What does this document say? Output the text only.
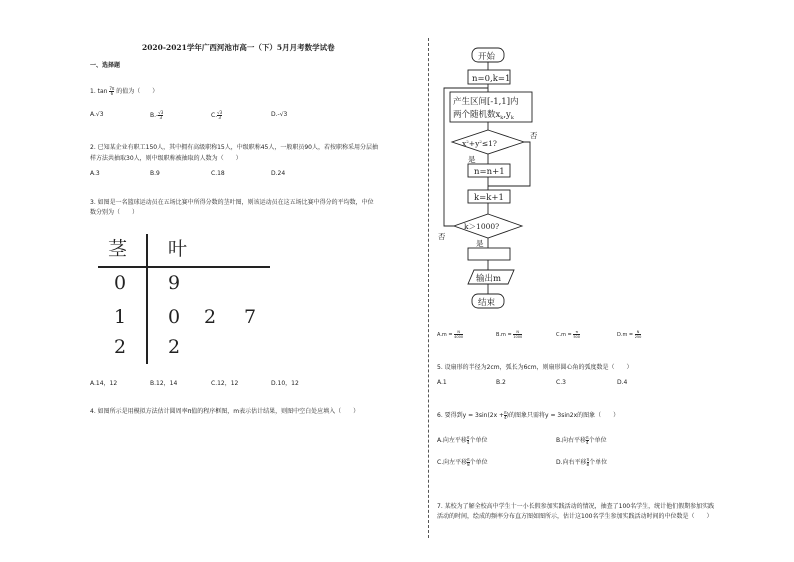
2020-2021学年广西河池市高一（下）5月月考数学试卷
一、选择题
1. $\tan \frac{7\pi}{6}$ 的值为（　　）
A.√3	$B.- \frac{√3}{3}$	C. $\frac{√3}{3}$	D.-√3
2. 已知某企业有职工150人，其中拥有高级职称15人，中级职称45人，一般职员90人，若按职称采用分层抽
样方法共抽取30人，则中级职称被抽取的人数为（　　）
A.3	B.9	C.18	D.24
3. 如图是一名篮球运动员在五场比赛中所得分数的茎叶图，则该运动员在这五场比赛中得分的平均数，中位
数分别为（　　）
茎 叶
0 9
1 0 2 7
2 2
A.14，12	B.12，14	C.12，12	D.10，12
4. 如图所示是用模拟方法估计圆周率π值的程序框图，m表示估计结果，则图中空白处应填入（　　）
开始
n=0,k=1
产生区间[-1,1]内
两个随机数$x_k,y_k$
$x^2+y^2\le 1$?
否
是
n=n+1
k=k+1
k＞1000?
否
是
输出m
结束
$A.m = \frac{N}{4000}$	$B.m = \frac{N}{1000}$	$C.m = \frac{\pi}{500}$	$D.m = \frac{N}{250}$
5. 设扇形的半径为2cm，弧长为6cm，则扇形圆心角的弧度数是（　　）
A.1	B.2	C.3	D.4
6. 要得到$y = 3\sin(2x + \frac{\pi}{4}$ )的图象只需将y = 3sin2x的图象（　　）
A.向左平移 $\frac{\pi}{4}$ 个单位	B.向右平移 $\frac{\pi}{4}$ 个单位
C.向左平移 $\frac{\pi}{8}$ 个单位	D.向右平移 $\frac{\pi}{8}$ 个单位
7. 某校为了解全校高中学生十一小长假参加实践活动的情况，抽查了100名学生，统计他们假期参加实践
活动的时间，绘成的频率分布直方图如图所示，估计这100名学生参加实践活动时间的中位数是（　　）
